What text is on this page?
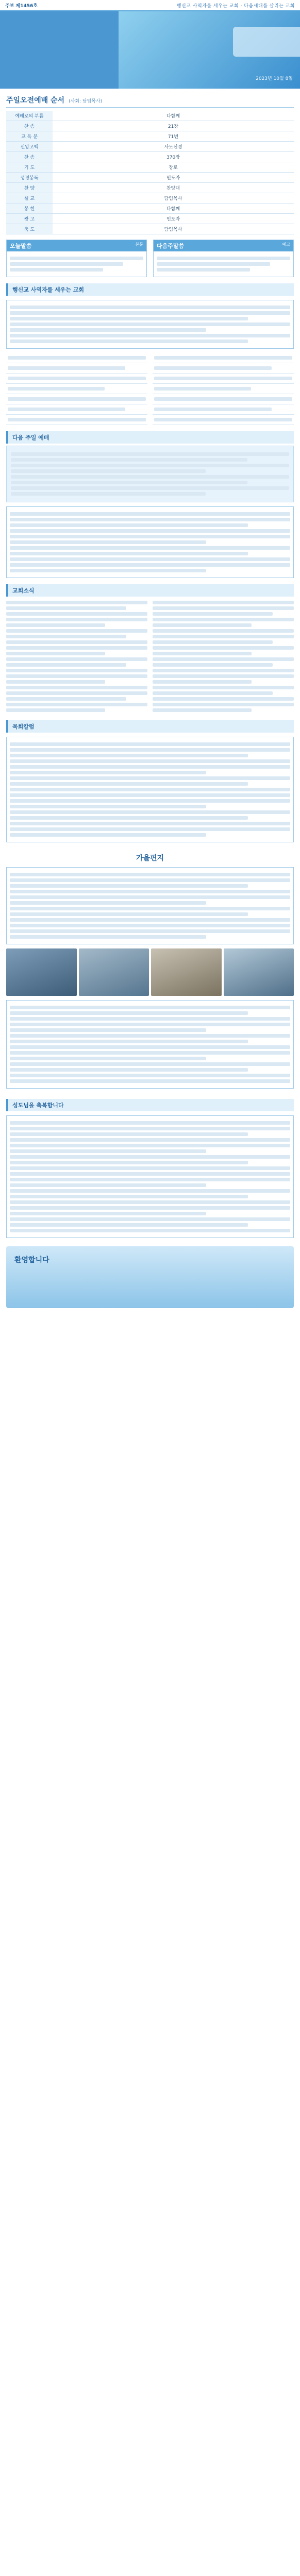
주보 제1456호	행신교 사역자를 세우는 교회 · 다음세대를 살리는 교회
2023년 10월 8일
주일오전예배 순서 (사회: 담임목사)
예배로의 부름	다함께
찬 송	21장
교 독 문	71번
신앙고백	사도신경
찬 송	370장
기 도	장로
성경봉독	인도자
찬 양	찬양대
설 교	담임목사
봉 헌	다함께
광 고	인도자
축 도	담임목사
오늘말씀	본문 다음주말씀	예고
행신교 사역자를 세우는 교회

다음 주일 예배
교회소식
목회칼럼
가을편지
성도님을 축복합니다
환영합니다
